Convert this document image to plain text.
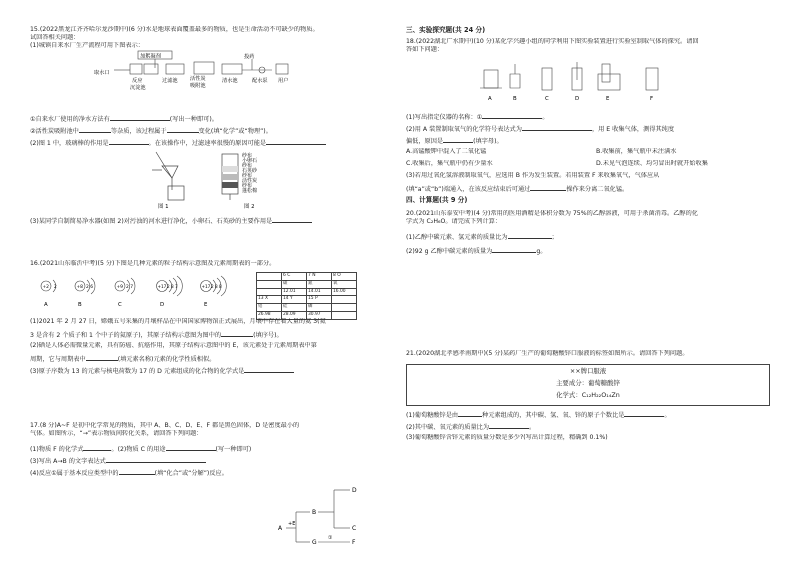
15.(2022黑龙江齐齐哈尔龙沙期中)(6 分)水是地球表面覆盖最多的物质，也是生命活动不可缺少的物质。
试回答相关问题：
(1)城镇自来水厂生产流程可用下图表示：
加絮凝剂
取水口
反应
沉淀池
过滤池 活性炭
吸附池
清水池
投药
配水泵 用户
①自来水厂使用的净水方法有	(写出一种即可)。
②活性炭吸附池中	等杂质，该过程属于	变化(填“化学”或“物理”)。
(2)图 1 中，玻璃棒的作用是	。在该操作中，过滤速率很慢的原因可能是
图 1	图 2
纱布
小卵石
纱布
石英砂
纱布
活性炭
纱布
蓬松棉
(3)某同学自制简易净水器(如图 2)对污浊的河水进行净化，小卵石、石英砂的主要作用是
16.(2021山东临沂中考)(5 分)下图是几种元素的粒子结构示意图及元素周期表的一部分。
+2 2
A
+8 2 6
B
+9 2 7
C
+17 2 8 7
D
+17 2 8 8
E
	6 C	7 N	8 O
	碳	氮	氧
	12.01	14.01	16.00
13 X	14 Y	15 P	
铝	硅	磷	
26.98	28.09	30.97	
(1)2021 年 2 月 27 日，嫦娥五号采集的月壤样品在中国国家博物馆正式展出，月壤中存在着大量的氦 3(氦
3 是含有 2 个质子和 1 个中子的氦原子)，其原子结构示意图为图中的	(填序号)。
(2)硒是人体必需微量元素，具有防癌、抗癌作用，其原子结构示意图中的 E，该元素处于元素周期表中第
周期，它与周期表中	(填元素名称)元素的化学性质相似。
(3)原子序数为 13 的元素与核电荷数为 17 的 D 元素组成的化合物的化学式是
17.(8 分)A~F 是初中化学常见的物质，其中 A、B、C、D、E、F 都是黑色固体，D 是密度最小的
气体。如图所示，“→”表示物质间转化关系，请回答下列问题：
(1)物质 F 的化学式	。(2)物质 C 的用途	(写一种即可)
(3)写出 A→B 的文字表达式
(4)反应①属于基本反应类型中的	(填“化合”或“分解”)反应。
A
+E
B
G
D
C
①
F
三、实验探究题(共 24 分)
18.(2022湖北广水期中)(10 分)某化学兴趣小组的同学利用下图实验装置进行实验室制取气体的探究。请回
答如下问题：
A	B	C	D	E	F
(1)写出指定仪器的名称：①	。
(2)用 A 装置制取氧气的化学符号表达式为	，用 E 收集气体，测得其纯度
偏低，原因是	(填字母)。
A.高锰酸钾中混入了二氧化锰	B.收集前，集气瓶中未注满水
C.收集后，集气瓶中仍有少量水	D.未见气泡连续、均匀冒出时就开始收集
(3)若用过氧化氢溶液制取氧气，应选用 B 作为发生装置。若用装置 F 来收集氧气，气体应从
(填“a”或“b”)端通入，在该反应结束后可通过	操作来分离二氧化锰。
四、计算题(共 9 分)
20.(2021山东泰安中考)(4 分)常用的医用酒精是体积分数为 75%的乙醇溶液，可用于杀菌消毒。乙醇的化
学式为 C₂H₆O。请完成下列计算：
(1)乙醇中碳元素、氢元素的质量比为	；
(2)92 g 乙醇中碳元素的质量为	g。
21.(2020湖北孝感孝南期中)(5 分)某药厂生产的葡萄糖酸锌口服液的标签如图所示。请回答下列问题。
××牌口服液
主要成分：葡萄糖酸锌
化学式：C₁₂H₂₂O₁₄Zn
(1)葡萄糖酸锌是由	种元素组成的，其中碳、氢、氧、锌的原子个数比是	。
(2)其中碳、氧元素的质量比为	。
(3)葡萄糖酸锌含锌元素的质量分数是多少?(写出计算过程，精确到 0.1%)
